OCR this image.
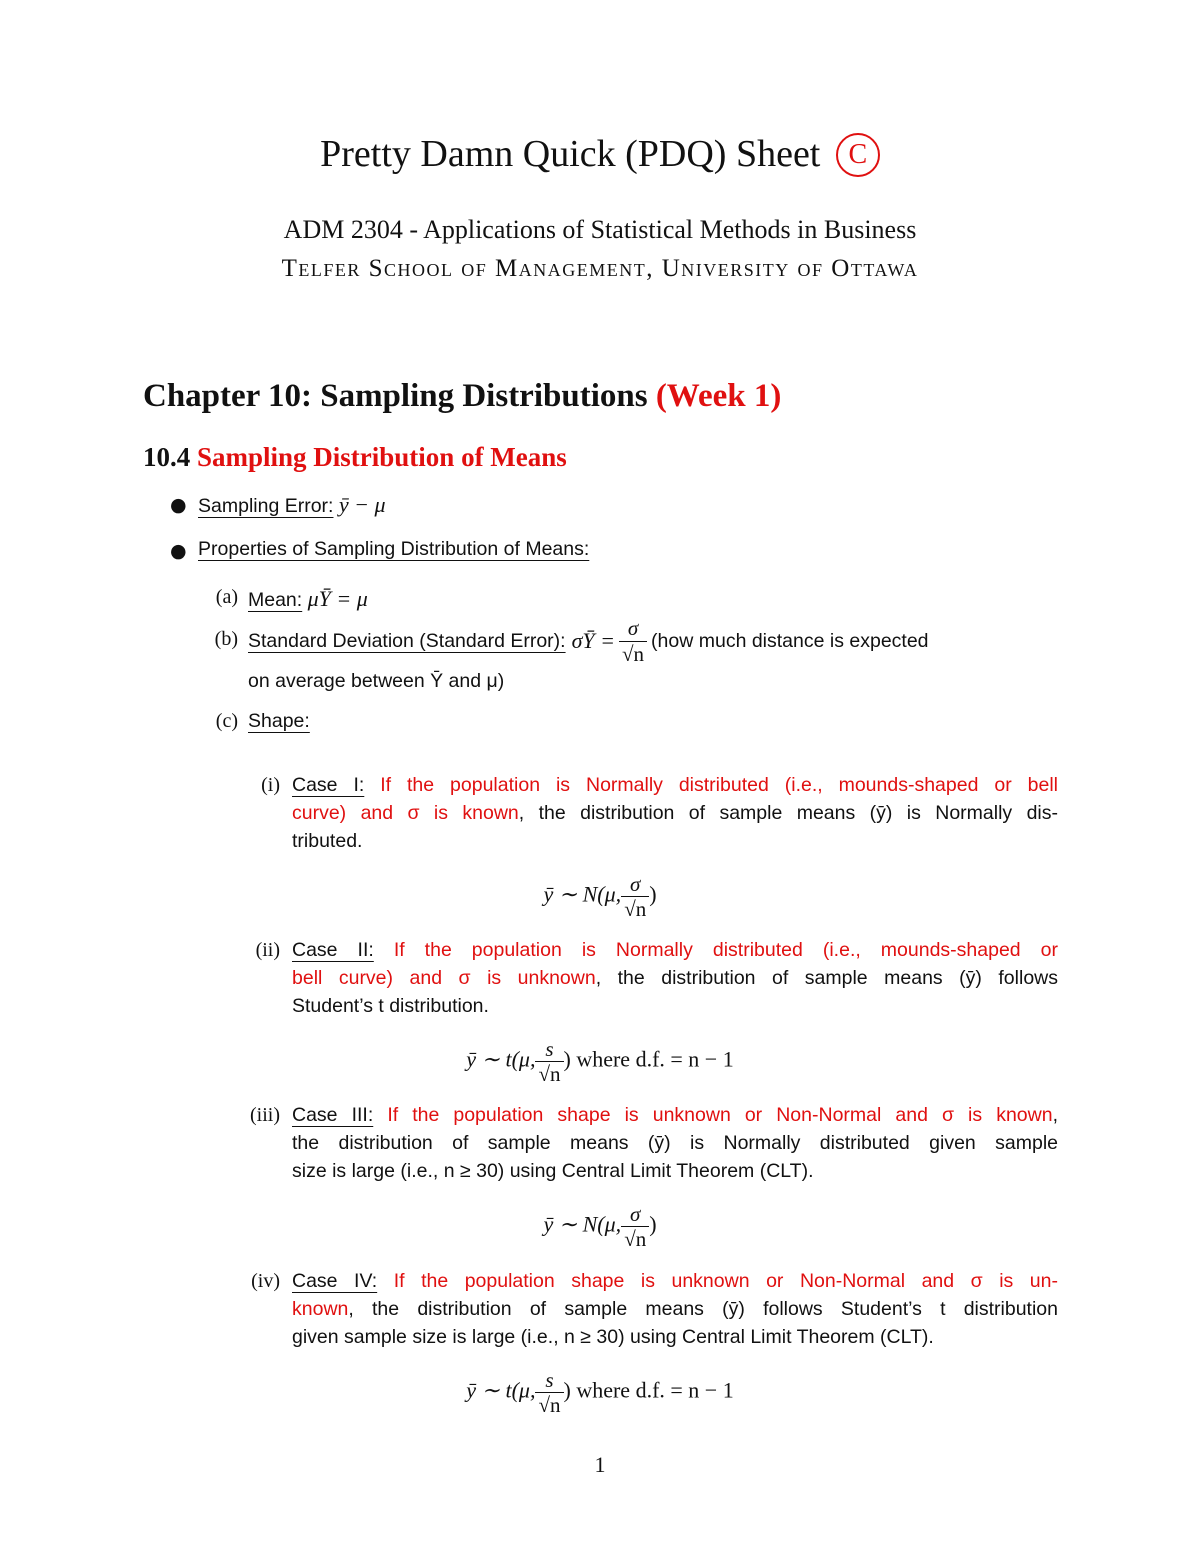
Pretty Damn Quick (PDQ) Sheet C
ADM 2304 - Applications of Statistical Methods in Business
Telfer School of Management, University of Ottawa
Chapter 10: Sampling Distributions (Week 1)
10.4 Sampling Distribution of Means
● Sampling Error: ȳ − μ
● Properties of Sampling Distribution of Means:
(a) Mean: μȲ = μ
(b) Standard Deviation (Standard Error): σȲ = $\frac{\sigma}{√n} (how$ much distance is expected
on average between Ȳ and μ)
(c) Shape:
(i) Case I: If the population is Normally distributed (i.e., mounds-shaped or bell
curve) and σ is known, the distribution of sample means (ȳ) is Normally dis-
tributed.
ȳ ∼ N(μ, $\frac{\sigma}{√n}$ )
(ii) Case II: If the population is Normally distributed (i.e., mounds-shaped or
bell curve) and σ is unknown, the distribution of sample means (ȳ) follows
Student’s t distribution.
ȳ ∼ t(μ, $\frac{s}{√n}$ ) where d.f. = n − 1
(iii) Case III: If the population shape is unknown or Non-Normal and σ is known,
the distribution of sample means (ȳ) is Normally distributed given sample
size is large (i.e., n ≥ 30) using Central Limit Theorem (CLT).
ȳ ∼ N(μ, $\frac{\sigma}{√n}$ )
(iv) Case IV: If the population shape is unknown or Non-Normal and σ is un-
known, the distribution of sample means (ȳ) follows Student’s t distribution
given sample size is large (i.e., n ≥ 30) using Central Limit Theorem (CLT).
ȳ ∼ t(μ, $\frac{s}{√n}$ ) where d.f. = n − 1
1
